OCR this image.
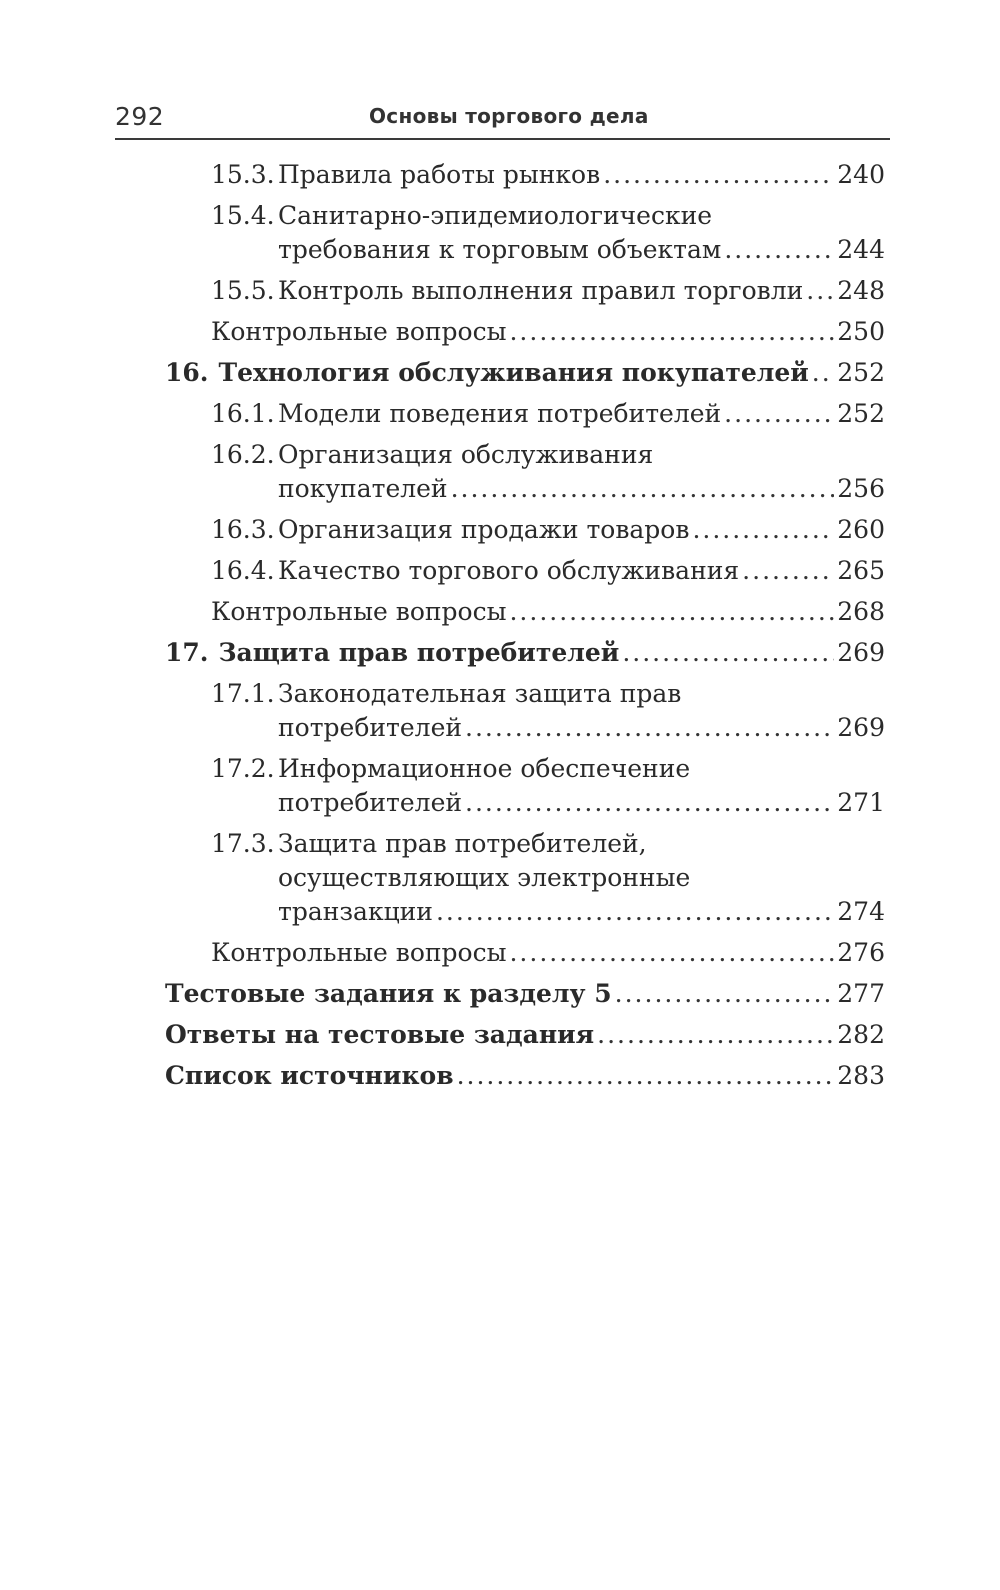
292	Основы торгового дела
15.3. Правила работы рынков .....	240
15.4. Санитарно-эпидемиологические
требования к торговым объектам .....	244
15.5. Контроль выполнения правил торговли ..... 248
Контрольные вопросы .....	250
16. Технология обслуживания покупателей ..... 252
16.1. Модели поведения потребителей .....	252
16.2. Организация обслуживания
покупателей .....	256
16.3. Организация продажи товаров .....	260
16.4. Качество торгового обслуживания .....	265
Контрольные вопросы .....	268
17. Защита прав потребителей .....	269
17.1. Законодательная защита прав
потребителей .....	269
17.2. Информационное обеспечение
потребителей .....	271
17.3. Защита прав потребителей,
осуществляющих электронные
транзакции .....	274
Контрольные вопросы .....	276
Тестовые задания к разделу 5 .....	277
Ответы на тестовые задания .....	282
Список источников .....	283
